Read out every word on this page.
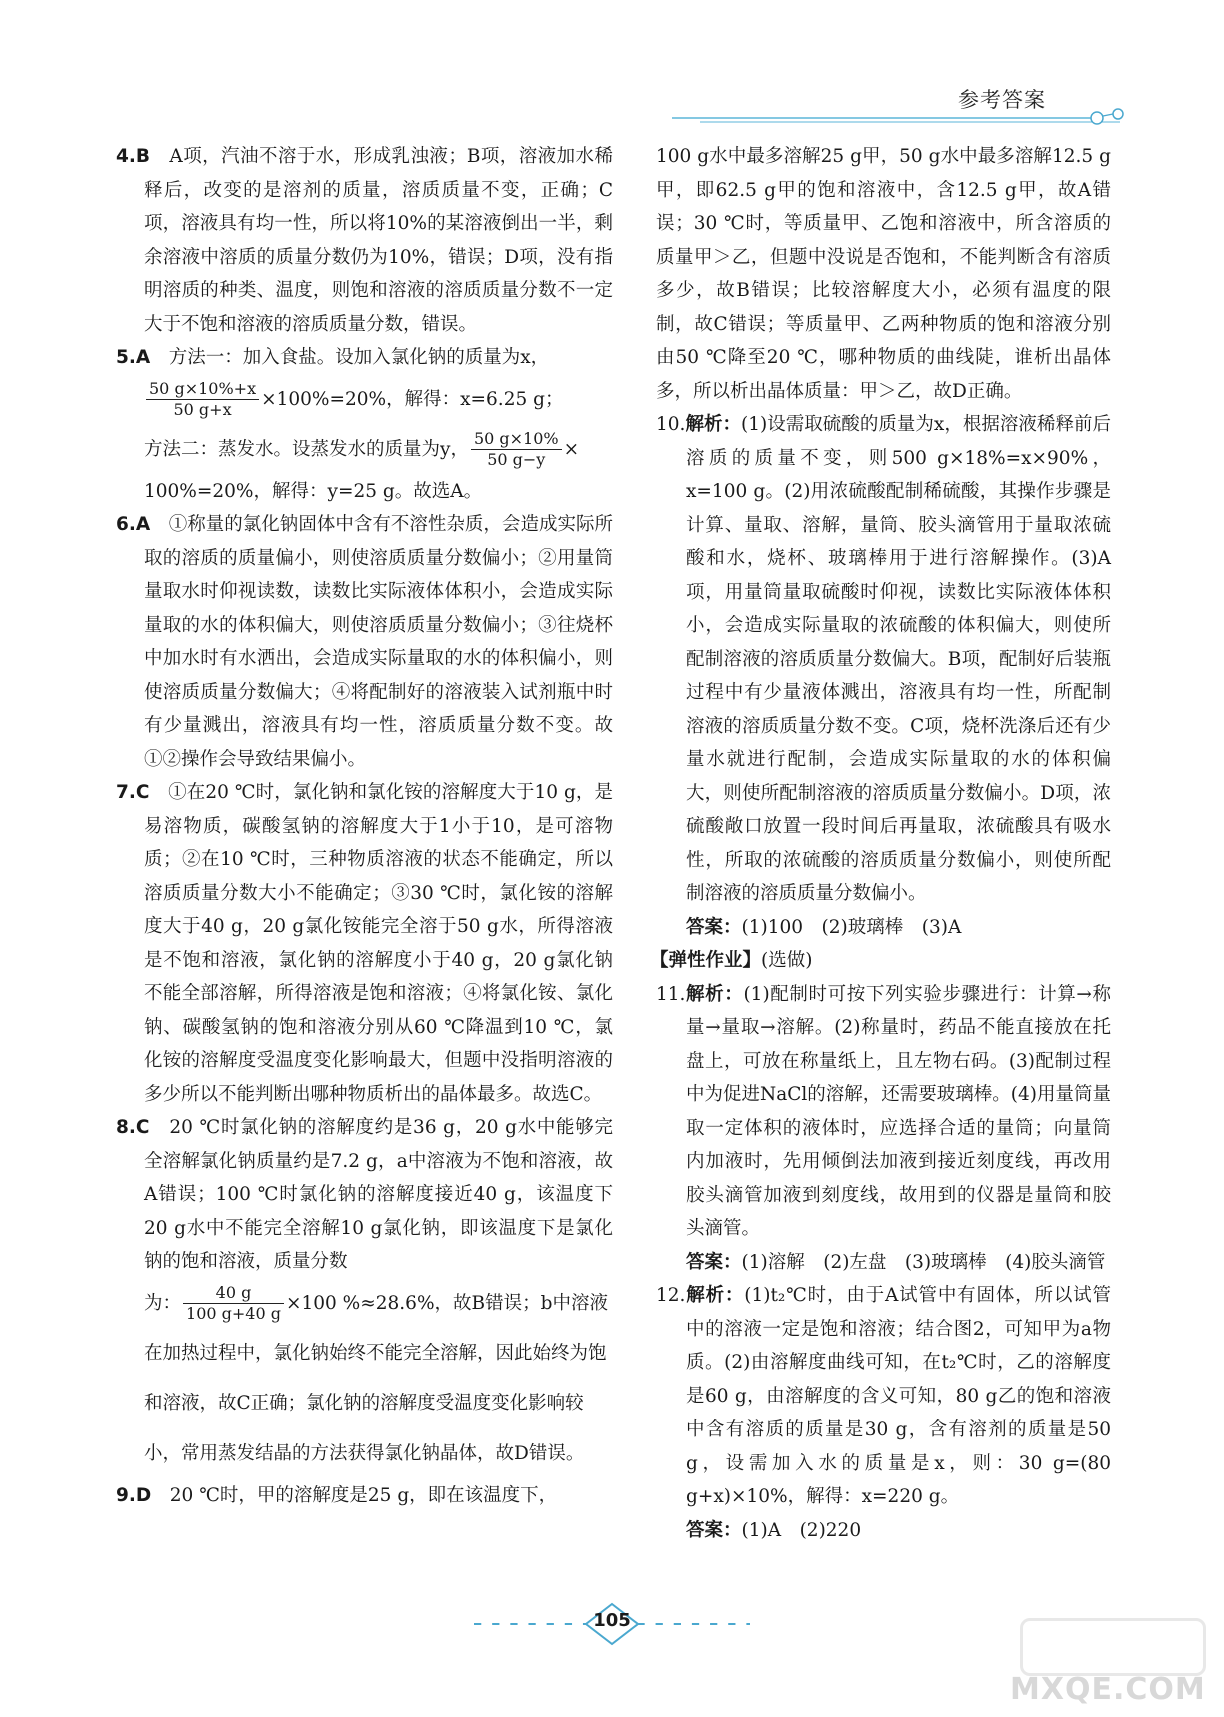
参考答案

4.B　 A项，汽油不溶于水，形成乳浊液；B项，溶液加水稀释后，改变的是溶剂的质量，溶质质量不变，正确；C项，溶液具有均一性，所以将10%的某溶液倒出一半，剩余溶液中溶质的质量分数仍为10%，错误；D项，没有指明溶质的种类、温度，则饱和溶液的溶质质量分数不一定大于不饱和溶液的溶质质量分数，错误。

5.A　 方法一：加入食盐。设加入氯化钠的质量为x，

$\frac{50 g\times 10\%+x}{50 g+x} \times 100\%=20\%$，解得：x=6.25 g；

方法二：蒸发水。设蒸发水的质量为y， $\frac{50 g\times 10\%}{50 g-y}$ ×

100%=20%，解得：y=25 g。故选A。

6.A　 ①称量的氯化钠固体中含有不溶性杂质，会造成实际所取的溶质的质量偏小，则使溶质质量分数偏小；②用量筒量取水时仰视读数，读数比实际液体体积小，会造成实际量取的水的体积偏大，则使溶质质量分数偏小；③往烧杯中加水时有水洒出，会造成实际量取的水的体积偏小，则使溶质质量分数偏大；④将配制好的溶液装入试剂瓶中时有少量溅出，溶液具有均一性，溶质质量分数不变。故①②操作会导致结果偏小。

7.C　 ①在20 ℃时，氯化钠和氯化铵的溶解度大于10 g，是易溶物质，碳酸氢钠的溶解度大于1小于10，是可溶物质；②在10 ℃时，三种物质溶液的状态不能确定，所以溶质质量分数大小不能确定；③30 ℃时，氯化铵的溶解度大于40 g，20 g氯化铵能完全溶于50 g水，所得溶液是不饱和溶液，氯化钠的溶解度小于40 g，20 g氯化钠不能全部溶解，所得溶液是饱和溶液；④将氯化铵、氯化钠、碳酸氢钠的饱和溶液分别从60 ℃降温到10 ℃，氯化铵的溶解度受温度变化影响最大，但题中没指明溶液的多少所以不能判断出哪种物质析出的晶体最多。故选C。

8.C　 20 ℃时氯化钠的溶解度约是36 g，20 g水中能够完全溶解氯化钠质量约是7.2 g，a中溶液为不饱和溶液，故A错误；100 ℃时氯化钠的溶解度接近40 g，该温度下20 g水中不能完全溶解10 g氯化钠，即该温度下是氯化钠的饱和溶液，质量分数

为： $\frac{40 g}{100 g+40 g} \times 100$ %≈28.6%，故B错误；b中溶液在加热过程中，氯化钠始终不能完全溶解，因此始终为饱和溶液，故C正确；氯化钠的溶解度受温度变化影响较小，常用蒸发结晶的方法获得氯化钠晶体，故D错误。

9.D　 20 ℃时，甲的溶解度是25 g，即在该温度下，

100 g水中最多溶解25 g甲，50 g水中最多溶解12.5 g甲，即62.5 g甲的饱和溶液中，含12.5 g甲，故A错误；30 ℃时，等质量甲、乙饱和溶液中，所含溶质的质量甲＞乙，但题中没说是否饱和，不能判断含有溶质多少，故B错误；比较溶解度大小，必须有温度的限制，故C错误；等质量甲、乙两种物质的饱和溶液分别由50 ℃降至20 ℃，哪种物质的曲线陡，谁析出晶体多，所以析出晶体质量：甲＞乙，故D正确。

10.解析：(1)设需取硫酸的质量为x，根据溶液稀释前后溶质的质量不变，则500 g×18%=x×90%，x=100 g。(2)用浓硫酸配制稀硫酸，其操作步骤是计算、量取、溶解，量筒、胶头滴管用于量取浓硫酸和水，烧杯、玻璃棒用于进行溶解操作。(3)A项，用量筒量取硫酸时仰视，读数比实际液体体积小，会造成实际量取的浓硫酸的体积偏大，则使所配制溶液的溶质质量分数偏大。B项，配制好后装瓶过程中有少量液体溅出，溶液具有均一性，所配制溶液的溶质质量分数不变。C项，烧杯洗涤后还有少量水就进行配制，会造成实际量取的水的体积偏大，则使所配制溶液的溶质质量分数偏小。D项，浓硫酸敞口放置一段时间后再量取，浓硫酸具有吸水性，所取的浓硫酸的溶质质量分数偏小，则使所配制溶液的溶质质量分数偏小。

答案：(1)100　(2)玻璃棒　(3)A

【弹性作业】(选做)

11.解析：(1)配制时可按下列实验步骤进行：计算→称量→量取→溶解。(2)称量时，药品不能直接放在托盘上，可放在称量纸上，且左物右码。(3)配制过程中为促进NaCl的溶解，还需要玻璃棒。(4)用量筒量取一定体积的液体时，应选择合适的量筒；向量筒内加液时，先用倾倒法加液到接近刻度线，再改用胶头滴管加液到刻度线，故用到的仪器是量筒和胶头滴管。

答案：(1)溶解　(2)左盘　(3)玻璃棒　(4)胶头滴管

12.解析：(1)t₂℃时，由于A试管中有固体，所以试管中的溶液一定是饱和溶液；结合图2，可知甲为a物质。(2)由溶解度曲线可知，在t₂℃时，乙的溶解度是60 g，由溶解度的含义可知，80 g乙的饱和溶液中含有溶质的质量是30 g，含有溶剂的质量是50 g，设需加入水的质量是x，则：30 g=(80 g+x)×10%，解得：x=220 g。

答案：(1)A　(2)220

105
MXQE.COM
